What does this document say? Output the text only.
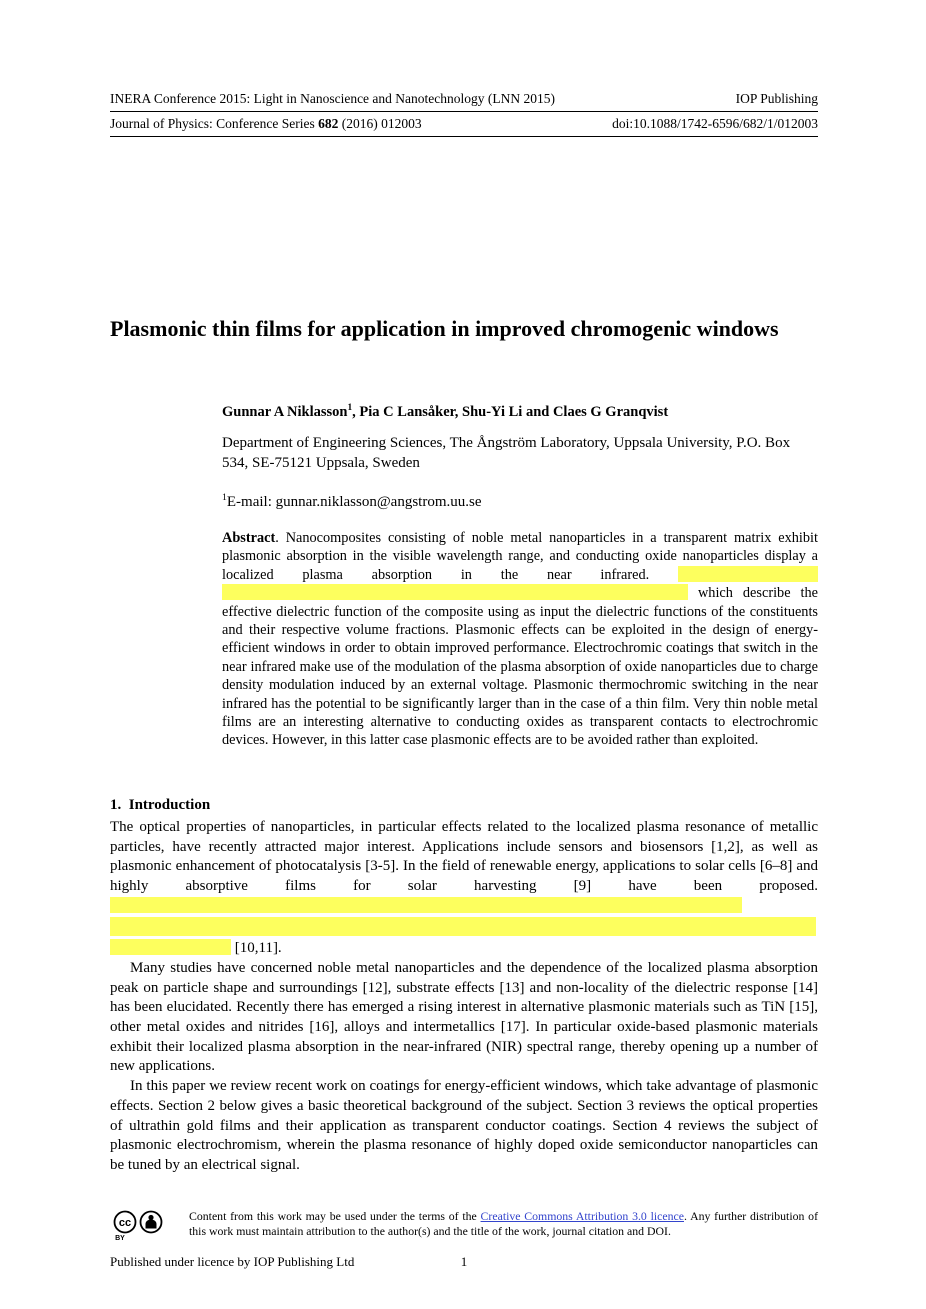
INERA Conference 2015: Light in Nanoscience and Nanotechnology (LNN 2015)	IOP Publishing
Journal of Physics: Conference Series 682 (2016) 012003	doi:10.1088/1742-6596/682/1/012003
Plasmonic thin films for application in improved chromogenic windows
Gunnar A Niklasson$^1$, Pia C Lansåker, Shu-Yi Li and Claes G Granqvist
Department of Engineering Sciences, The Ångström Laboratory, Uppsala University, P.O. Box 534, SE-75121 Uppsala, Sweden
$^1$E-mail: gunnar.niklasson@angstrom.uu.se
Abstract. Nanocomposites consisting of noble metal nanoparticles in a transparent matrix exhibit plasmonic absorption in the visible wavelength range, and conducting oxide nanoparticles display a localized plasma absorption in the near infrared.  which describe the effective dielectric function of the composite using as input the dielectric functions of the constituents and their respective volume fractions. Plasmonic effects can be exploited in the design of energy-efficient windows in order to obtain improved performance. Electrochromic coatings that switch in the near infrared make use of the modulation of the plasma absorption of oxide nanoparticles due to charge density modulation induced by an external voltage. Plasmonic thermochromic switching in the near infrared has the potential to be significantly larger than in the case of a thin film. Very thin noble metal films are an interesting alternative to conducting oxides as transparent contacts to electrochromic devices. However, in this latter case plasmonic effects are to be avoided rather than exploited.
1.  Introduction

The optical properties of nanoparticles, in particular effects related to the localized plasma resonance of metallic particles, have recently attracted major interest. Applications include sensors and biosensors [1,2], as well as plasmonic enhancement of photocatalysis [3-5]. In the field of renewable energy, applications to solar cells [6–8] and highly absorptive films for solar harvesting [9] have been proposed.  [10,11].

Many studies have concerned noble metal nanoparticles and the dependence of the localized plasma absorption peak on particle shape and surroundings [12], substrate effects [13] and non-locality of the dielectric response [14] has been elucidated. Recently there has emerged a rising interest in alternative plasmonic materials such as TiN [15], other metal oxides and nitrides [16], alloys and intermetallics [17]. In particular oxide-based plasmonic materials exhibit their localized plasma absorption in the near-infrared (NIR) spectral range, thereby opening up a number of new applications.

In this paper we review recent work on coatings for energy-efficient windows, which take advantage of plasmonic effects. Section 2 below gives a basic theoretical background of the subject. Section 3 reviews the optical properties of ultrathin gold films and their application as transparent conductor coatings. Section 4 reviews the subject of plasmonic electrochromism, wherein the plasma resonance of highly doped oxide semiconductor nanoparticles can be tuned by an electrical signal.

cc
BY
Content from this work may be used under the terms of the Creative Commons Attribution 3.0 licence. Any further distribution of this work must maintain attribution to the author(s) and the title of the work, journal citation and DOI.
Published under licence by IOP Publishing Ltd	1
